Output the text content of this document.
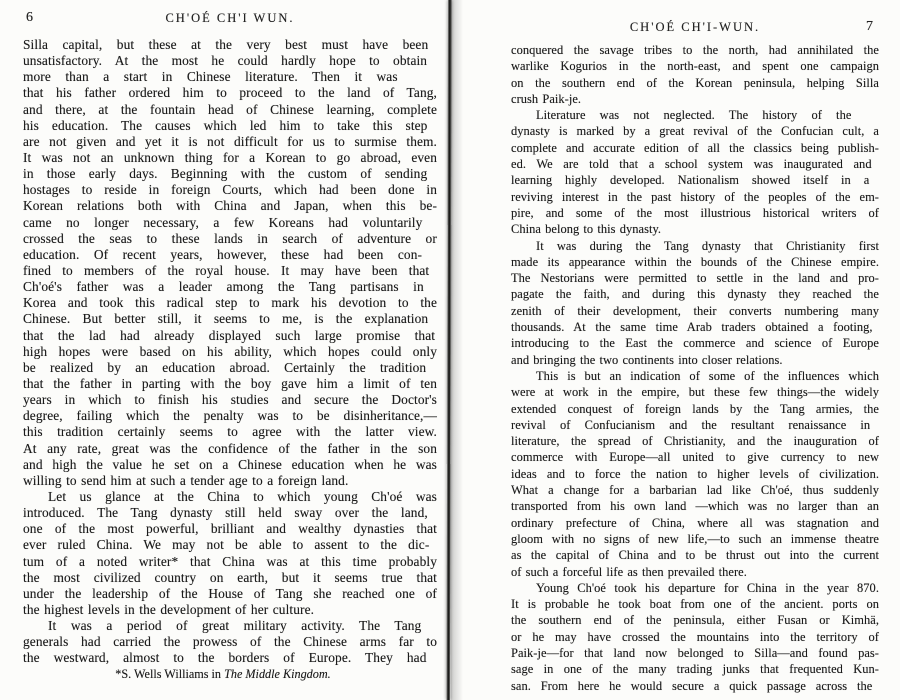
6	CH'OÉ CH'I WUN.
Silla capital, but these at the very best must have been
unsatisfactory. At the most he could hardly hope to obtain
more than a start in Chinese literature. Then it was
that his father ordered him to proceed to the land of Tang,
and there, at the fountain head of Chinese learning, complete
his education. The causes which led him to take this step
are not given and yet it is not difficult for us to surmise them.
It was not an unknown thing for a Korean to go abroad, even
in those early days. Beginning with the custom of sending
hostages to reside in foreign Courts, which had been done in
Korean relations both with China and Japan, when this be-
came no longer necessary, a few Koreans had voluntarily
crossed the seas to these lands in search of adventure or
education. Of recent years, however, these had been con-
fined to members of the royal house. It may have been that
Ch'oé's father was a leader among the Tang partisans in
Korea and took this radical step to mark his devotion to the
Chinese. But better still, it seems to me, is the explanation
that the lad had already displayed such large promise that
high hopes were based on his ability, which hopes could only
be realized by an education abroad. Certainly the tradition
that the father in parting with the boy gave him a limit of ten
years in which to finish his studies and secure the Doctor's
degree, failing which the penalty was to be disinheritance,—
this tradition certainly seems to agree with the latter view.
At any rate, great was the confidence of the father in the son
and high the value he set on a Chinese education when he was
willing to send him at such a tender age to a foreign land.
Let us glance at the China to which young Ch'oé was
introduced. The Tang dynasty still held sway over the land,
one of the most powerful, brilliant and wealthy dynasties that
ever ruled China. We may not be able to assent to the dic-
tum of a noted writer* that China was at this time probably
the most civilized country on earth, but it seems true that
under the leadership of the House of Tang she reached one of
the highest levels in the development of her culture.
It was a period of great military activity. The Tang
generals had carried the prowess of the Chinese arms far to
the westward, almost to the borders of Europe. They had
*S. Wells Williams in The Middle Kingdom.
CH'OÉ CH'I-WUN.	7
conquered the savage tribes to the north, had annihilated the
warlike Kogurios in the north-east, and spent one campaign
on the southern end of the Korean peninsula, helping Silla
crush Paik-je.
Literature was not neglected. The history of the
dynasty is marked by a great revival of the Confucian cult, a
complete and accurate edition of all the classics being publish-
ed. We are told that a school system was inaugurated and
learning highly developed. Nationalism showed itself in a
reviving interest in the past history of the peoples of the em-
pire, and some of the most illustrious historical writers of
China belong to this dynasty.
It was during the Tang dynasty that Christianity first
made its appearance within the bounds of the Chinese empire.
The Nestorians were permitted to settle in the land and pro-
pagate the faith, and during this dynasty they reached the
zenith of their development, their converts numbering many
thousands. At the same time Arab traders obtained a footing,
introducing to the East the commerce and science of Europe
and bringing the two continents into closer relations.
This is but an indication of some of the influences which
were at work in the empire, but these few things—the widely
extended conquest of foreign lands by the Tang armies, the
revival of Confucianism and the resultant renaissance in
literature, the spread of Christianity, and the inauguration of
commerce with Europe—all united to give currency to new
ideas and to force the nation to higher levels of civilization.
What a change for a barbarian lad like Ch'oé, thus suddenly
transported from his own land —which was no larger than an
ordinary prefecture of China, where all was stagnation and
gloom with no signs of new life,—to such an immense theatre
as the capital of China and to be thrust out into the current
of such a forceful life as then prevailed there.
Young Ch'oé took his departure for China in the year 870.
It is probable he took boat from one of the ancient. ports on
the southern end of the peninsula, either Fusan or Kimhä,
or he may have crossed the mountains into the territory of
Paik-je—for that land now belonged to Silla—and found pas-
sage in one of the many trading junks that frequented Kun-
san. From here he would secure a quick passage across the
